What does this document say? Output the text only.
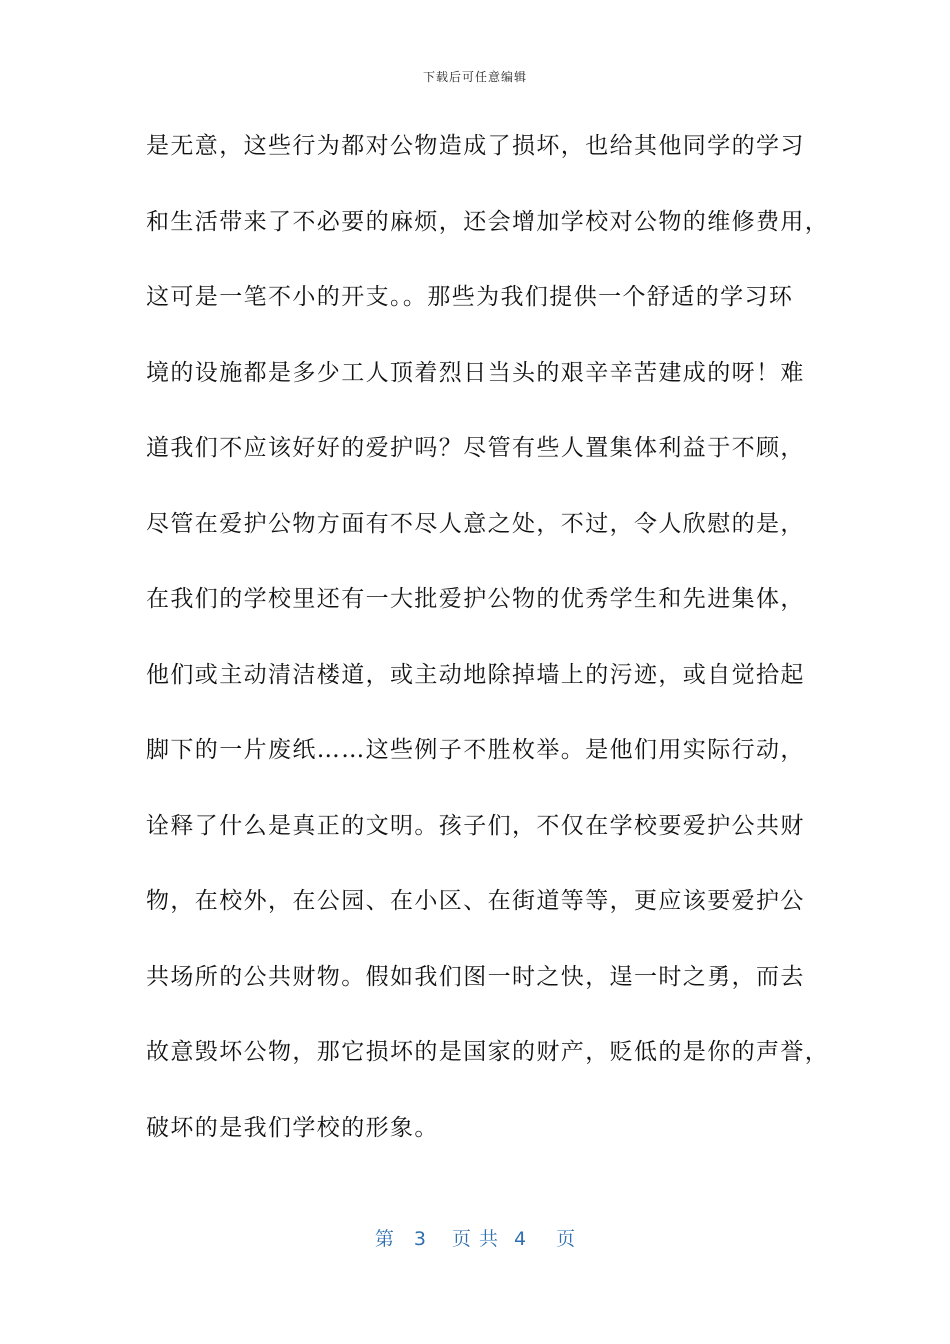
下载后可任意编辑
是无意，这些行为都对公物造成了损坏，也给其他同学的学习
和生活带来了不必要的麻烦，还会增加学校对公物的维修费用，
这可是一笔不小的开支。。那些为我们提供一个舒适的学习环
境的设施都是多少工人顶着烈日当头的艰辛辛苦建成的呀！难
道我们不应该好好的爱护吗？尽管有些人置集体利益于不顾，
尽管在爱护公物方面有不尽人意之处，不过，令人欣慰的是，
在我们的学校里还有一大批爱护公物的优秀学生和先进集体，
他们或主动清洁楼道，或主动地除掉墙上的污迹，或自觉拾起
脚下的一片废纸……这些例子不胜枚举。是他们用实际行动，
诠释了什么是真正的文明。孩子们，不仅在学校要爱护公共财
物，在校外，在公园、在小区、在街道等等，更应该要爱护公
共场所的公共财物。假如我们图一时之快，逞一时之勇，而去
故意毁坏公物，那它损坏的是国家的财产，贬低的是你的声誉，
破坏的是我们学校的形象。
第 3 页共 4 页
